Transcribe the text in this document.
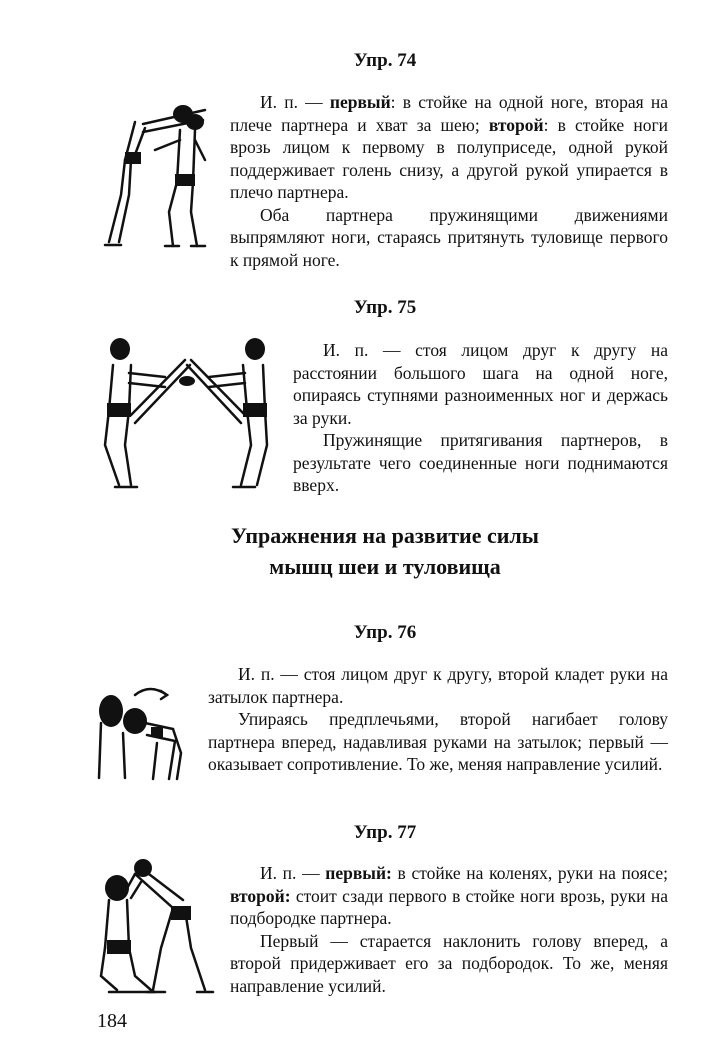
Упр. 74

И. п. — первый: в стойке на одной ноге, вторая на плече партнера и хват за шею; второй: в стойке ноги врозь лицом к первому в полуприседе, одной рукой поддерживает голень снизу, а другой рукой упирается в плечо партнера.

Оба партнера пружинящими движениями выпрямляют ноги, стараясь притянуть туловище первого к прямой ноге.

Упр. 75

И. п. — стоя лицом друг к другу на расстоянии большого шага на одной ноге, опираясь ступнями разноименных ног и держась за руки.

Пружинящие притягивания партнеров, в результате чего соединенные ноги поднимаются вверх.

Упражнения на развитие силы
мышц шеи и туловища
Упр. 76

И. п. — стоя лицом друг к другу, второй кладет руки на затылок партнера.

Упираясь предплечьями, второй нагибает голову партнера вперед, надавливая руками на затылок; первый — оказывает сопротивление. То же, меняя направление усилий.

Упр. 77

И. п. — первый: в стойке на коленях, руки на поясе; второй: стоит сзади первого в стойке ноги врозь, руки на подбородке партнера.

Первый — старается наклонить голову вперед, а второй придерживает его за подбородок. То же, меняя направление усилий.

184
